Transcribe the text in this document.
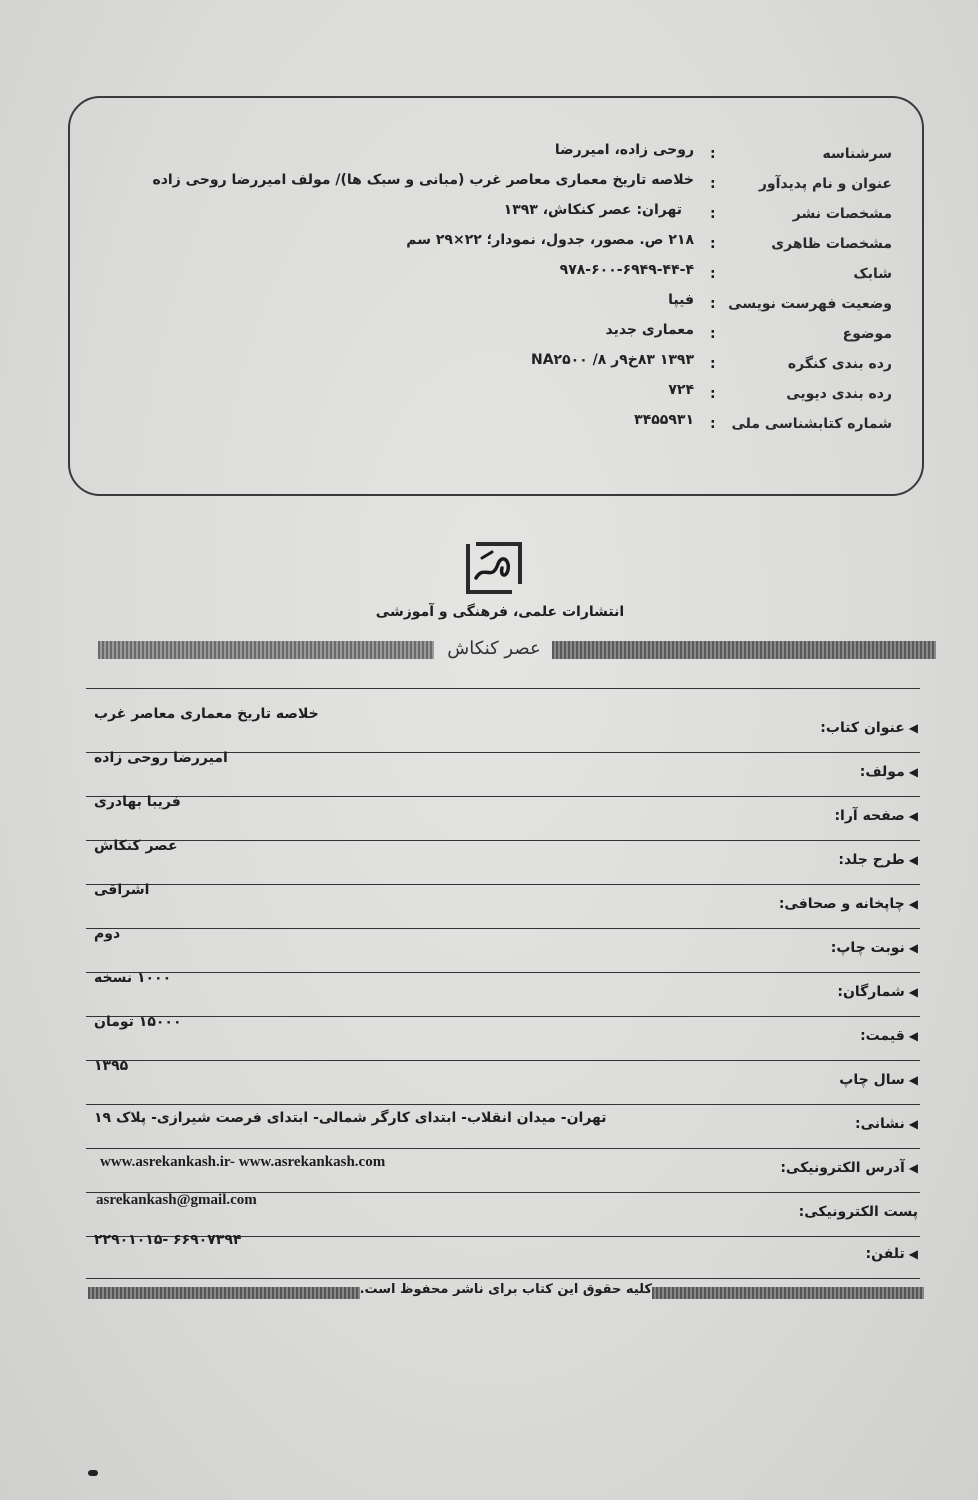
سرشناسه
:
روحی زاده، امیررضا
عنوان و نام پدیدآور
:
خلاصه تاریخ معماری معاصر غرب (مبانی و سبک ها)/ مولف امیررضا روحی زاده
مشخصات نشر
:
تهران: عصر کنکاش، ۱۳۹۳
مشخصات ظاهری
:
۲۱۸ ص. مصور، جدول، نمودار؛ ۲۲×۲۹ س‍م
شابک
:
۹۷۸-۶۰۰-۶۹۴۹-۴۴-۴
وضعیت فهرست نویسی
:
فیپا
موضوع
:
معماری جدید
رده بندی کنگره
:
۱۳۹۳ ۸۳خ۹ر ۸/ NA۲۵۰۰
رده بندی دیویی
:
۷۲۴
شماره کتابشناسی ملی
:
۳۴۵۵۹۳۱
انتشارات علمی، فرهنگی و آموزشی
عصر کنکاش
◀عنوان کتاب:
خلاصه تاریخ معماری معاصر غرب
◀مولف:
امیررضا روحی زاده
◀صفحه آرا:
فریبا بهادری
◀طرح جلد:
عصر کنکاش
◀چاپخانه و صحافی:
اشراقی
◀نوبت چاپ:
دوم
◀شمارگان:
۱۰۰۰ نسخه
◀قیمت:
۱۵۰۰۰ تومان
◀سال چاپ
۱۳۹۵
◀نشانی:
تهران- میدان انقلاب- ابتدای کارگر شمالی- ابتدای فرصت شیرازی- پلاک ۱۹
◀آدرس الکترونیکی:
www.asrekankash.ir- www.asrekankash.com
پست الکترونیکی:
asrekankash@gmail.com
◀تلفن:
۶۶۹۰۷۳۹۴ -۲۲۹۰۱۰۱۵
کلیه حقوق این کتاب برای ناشر محفوظ است.
